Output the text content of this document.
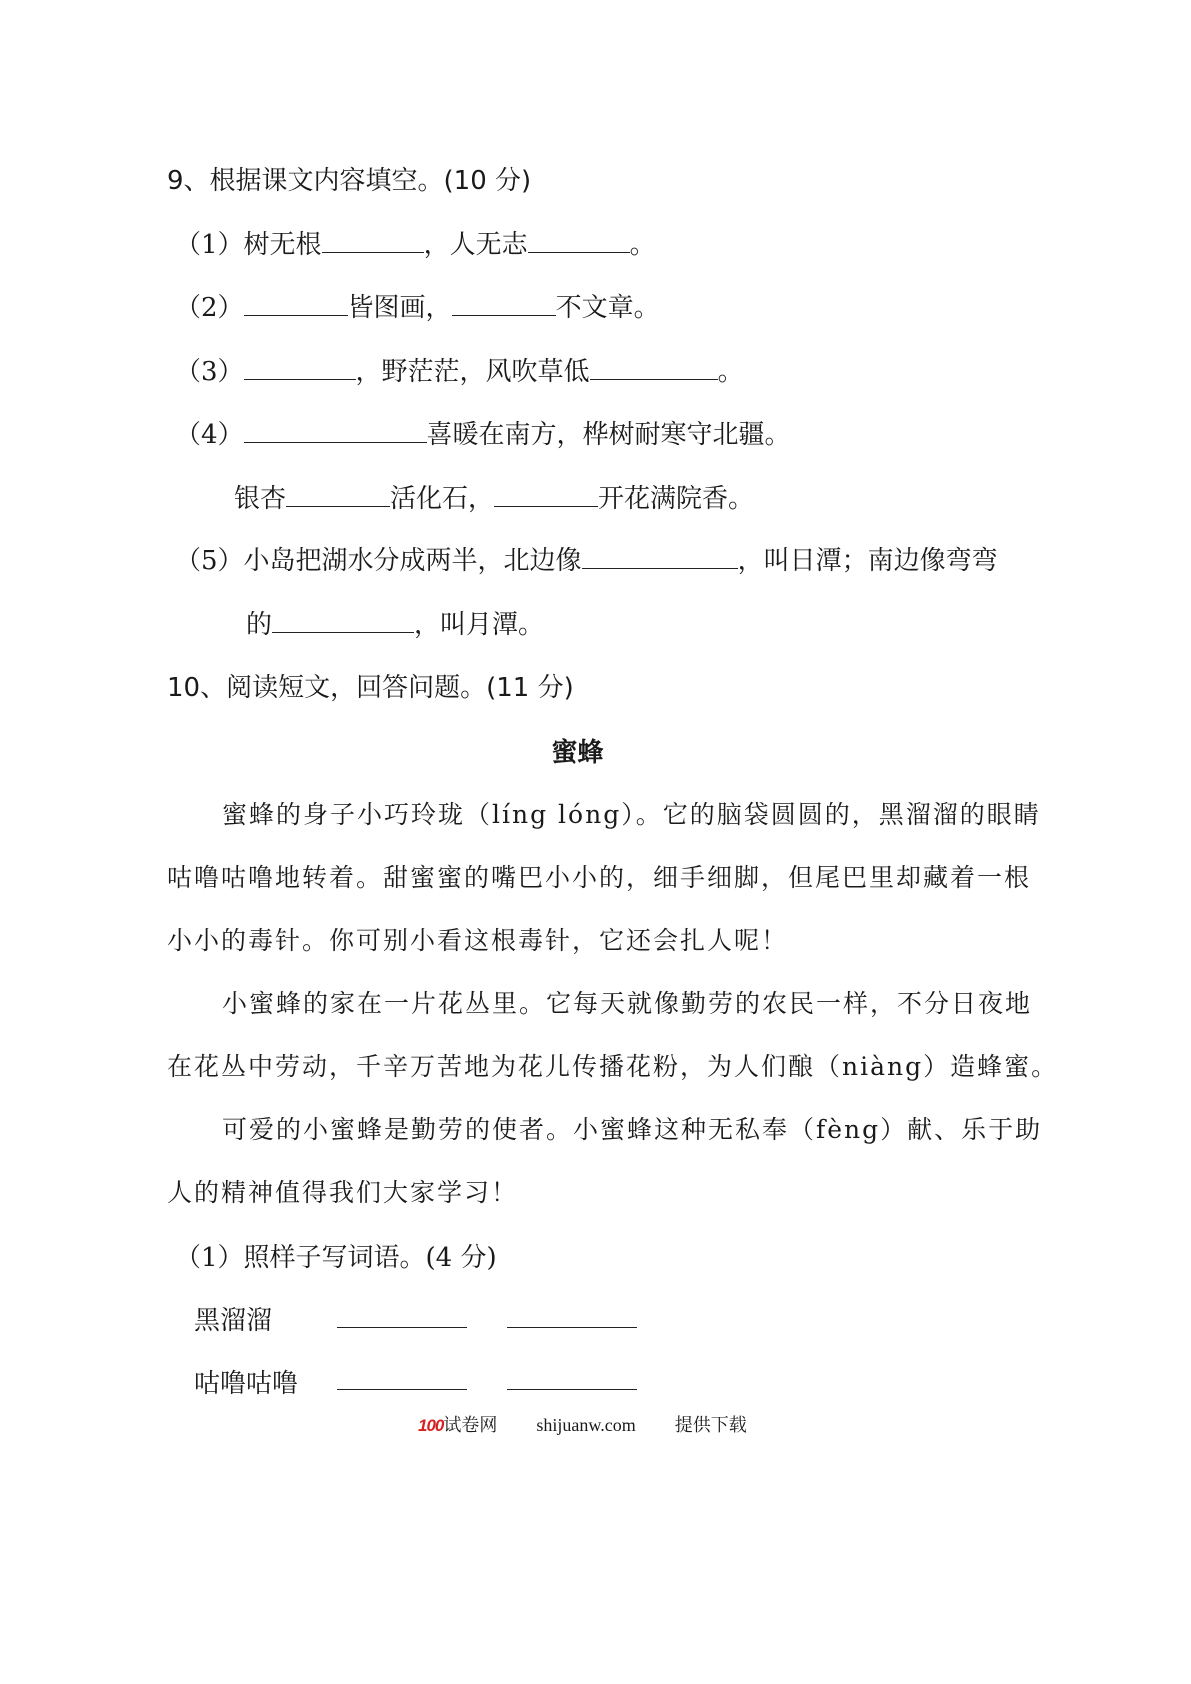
9、根据课文内容填空。(10 分)
（1）树无根	，人无志	。
（2）	皆图画，	不文章。
（3）	，野茫茫，风吹草低	。
（4）	喜暖在南方，桦树耐寒守北疆。
银杏	活化石，	开花满院香。
（5）小岛把湖水分成两半，北边像	，叫日潭；南边像弯弯
的	，叫月潭。
10、阅读短文，回答问题。(11 分)
蜜蜂
蜜蜂的身子小巧玲珑（líng lóng）。它的脑袋圆圆的，黑溜溜的眼睛
咕噜咕噜地转着。甜蜜蜜的嘴巴小小的，细手细脚，但尾巴里却藏着一根
小小的毒针。你可别小看这根毒针，它还会扎人呢！
小蜜蜂的家在一片花丛里。它每天就像勤劳的农民一样，不分日夜地
在花丛中劳动，千辛万苦地为花儿传播花粉，为人们酿（niàng）造蜂蜜。
可爱的小蜜蜂是勤劳的使者。小蜜蜂这种无私奉（fèng）献、乐于助
人的精神值得我们大家学习！
（1）照样子写词语。(4 分)
黑溜溜
咕噜咕噜
100试卷网 shijuanw.com 提供下载
